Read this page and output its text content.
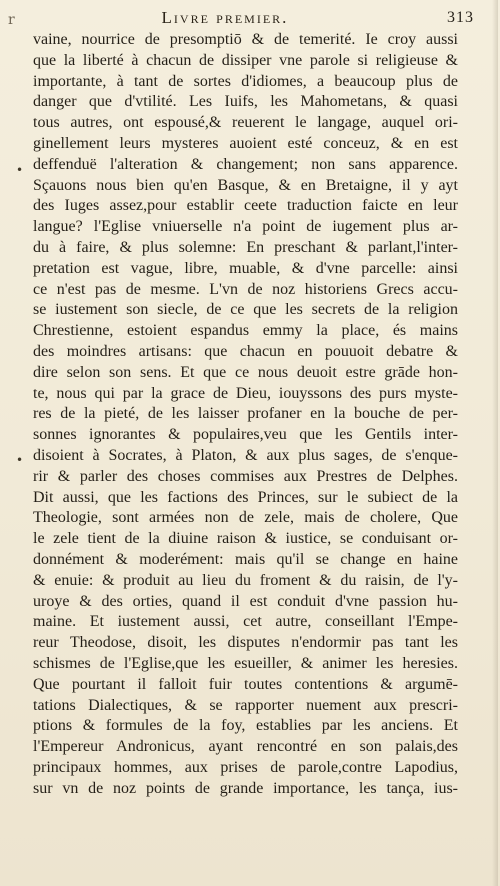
r	Livre premier.	313
•
•
vaine, nourrice de presomptiō & de temerité. Ie croy aussi
que la liberté à chacun de dissiper vne parole si religieuse &
importante, à tant de sortes d'idiomes, a beaucoup plus de
danger que d'vtilité. Les Iuifs, les Mahometans, & quasi
tous autres, ont espousé,& reuerent le langage, auquel ori-
ginellement leurs mysteres auoient esté conceuz, & en est
deffenduë l'alteration & changement; non sans apparence.
Sçauons nous bien qu'en Basque, & en Bretaigne, il y ayt
des Iuges assez,pour establir ceete traduction faicte en leur
langue? l'Eglise vniuerselle n'a point de iugement plus ar-
du à faire, & plus solemne: En preschant & parlant,l'inter-
pretation est vague, libre, muable, & d'vne parcelle: ainsi
ce n'est pas de mesme. L'vn de noz historiens Grecs accu-
se iustement son siecle, de ce que les secrets de la religion
Chrestienne, estoient espandus emmy la place, és mains
des moindres artisans: que chacun en pouuoit debatre &
dire selon son sens. Et que ce nous deuoit estre grāde hon-
te, nous qui par la grace de Dieu, iouyssons des purs myste-
res de la pieté, de les laisser profaner en la bouche de per-
sonnes ignorantes & populaires,veu que les Gentils inter-
disoient à Socrates, à Platon, & aux plus sages, de s'enque-
rir & parler des choses commises aux Prestres de Delphes.
Dit aussi, que les factions des Princes, sur le subiect de la
Theologie, sont armées non de zele, mais de cholere, Que
le zele tient de la diuine raison & iustice, se conduisant or-
donnément & moderément: mais qu'il se change en haine
& enuie: & produit au lieu du froment & du raisin, de l'y-
uroye & des orties, quand il est conduit d'vne passion hu-
maine. Et iustement aussi, cet autre, conseillant l'Empe-
reur Theodose, disoit, les disputes n'endormir pas tant les
schismes de l'Eglise,que les esueiller, & animer les heresies.
Que pourtant il falloit fuir toutes contentions & argumē-
tations Dialectiques, & se rapporter nuement aux prescri-
ptions & formules de la foy, establies par les anciens. Et
l'Empereur Andronicus, ayant rencontré en son palais,des
principaux hommes, aux prises de parole,contre Lapodius,
sur vn de noz points de grande importance, les tança, ius-
